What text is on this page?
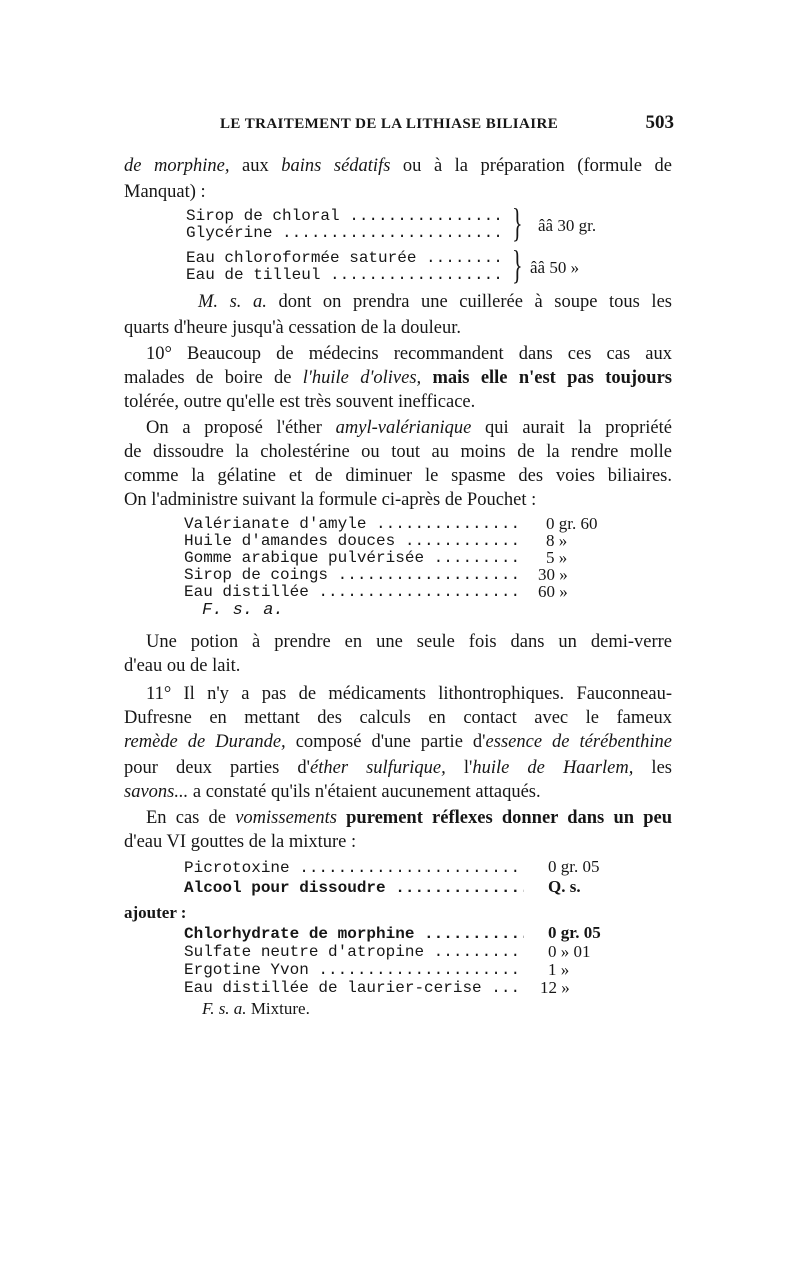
LE TRAITEMENT DE LA LITHIASE BILIAIRE	503
de morphine, aux bains sédatifs ou à la préparation (formule de
Manquat) :
Sirop de chloral .....
Glycérine .....	} ââ 30 gr.
Eau chloroformée saturée .....
Eau de tilleul .....	} ââ 50 »
M. s. a. dont on prendra une cuillerée à soupe tous les
quarts d'heure jusqu'à cessation de la douleur.
10° Beaucoup de médecins recommandent dans ces cas aux
malades de boire de l'huile d'olives, mais elle n'est pas toujours
tolérée, outre qu'elle est très souvent inefficace.
On a proposé l'éther amyl-valérianique qui aurait la propriété
de dissoudre la cholestérine ou tout au moins de la rendre molle
comme la gélatine et de diminuer le spasme des voies biliaires.
On l'administre suivant la formule ci-après de Pouchet :
Valérianate d'amyle .....	0 gr. 60
Huile d'amandes douces .....	8 »
Gomme arabique pulvérisée .....	5 »
Sirop de coings .....	30 »
Eau distillée .....	60 »
F. s. a.
Une potion à prendre en une seule fois dans un demi-verre
d'eau ou de lait.
11° Il n'y a pas de médicaments lithontrophiques. Fauconneau-
Dufresne en mettant des calculs en contact avec le fameux
remède de Durande, composé d'une partie d'essence de térébenthine
pour deux parties d'éther sulfurique, l'huile de Haarlem, les
savons... a constaté qu'ils n'étaient aucunement attaqués.
En cas de vomissements purement réflexes donner dans un peu
d'eau VI gouttes de la mixture :
Picrotoxine .....	0 gr. 05
Alcool pour dissoudre .....	Q. s.
ajouter :
Chlorhydrate de morphine .....	0 gr. 05
Sulfate neutre d'atropine .....	0 » 01
Ergotine Yvon .....	1 »
Eau distillée de laurier-cerise .....	12 »
F. s. a. Mixture.
